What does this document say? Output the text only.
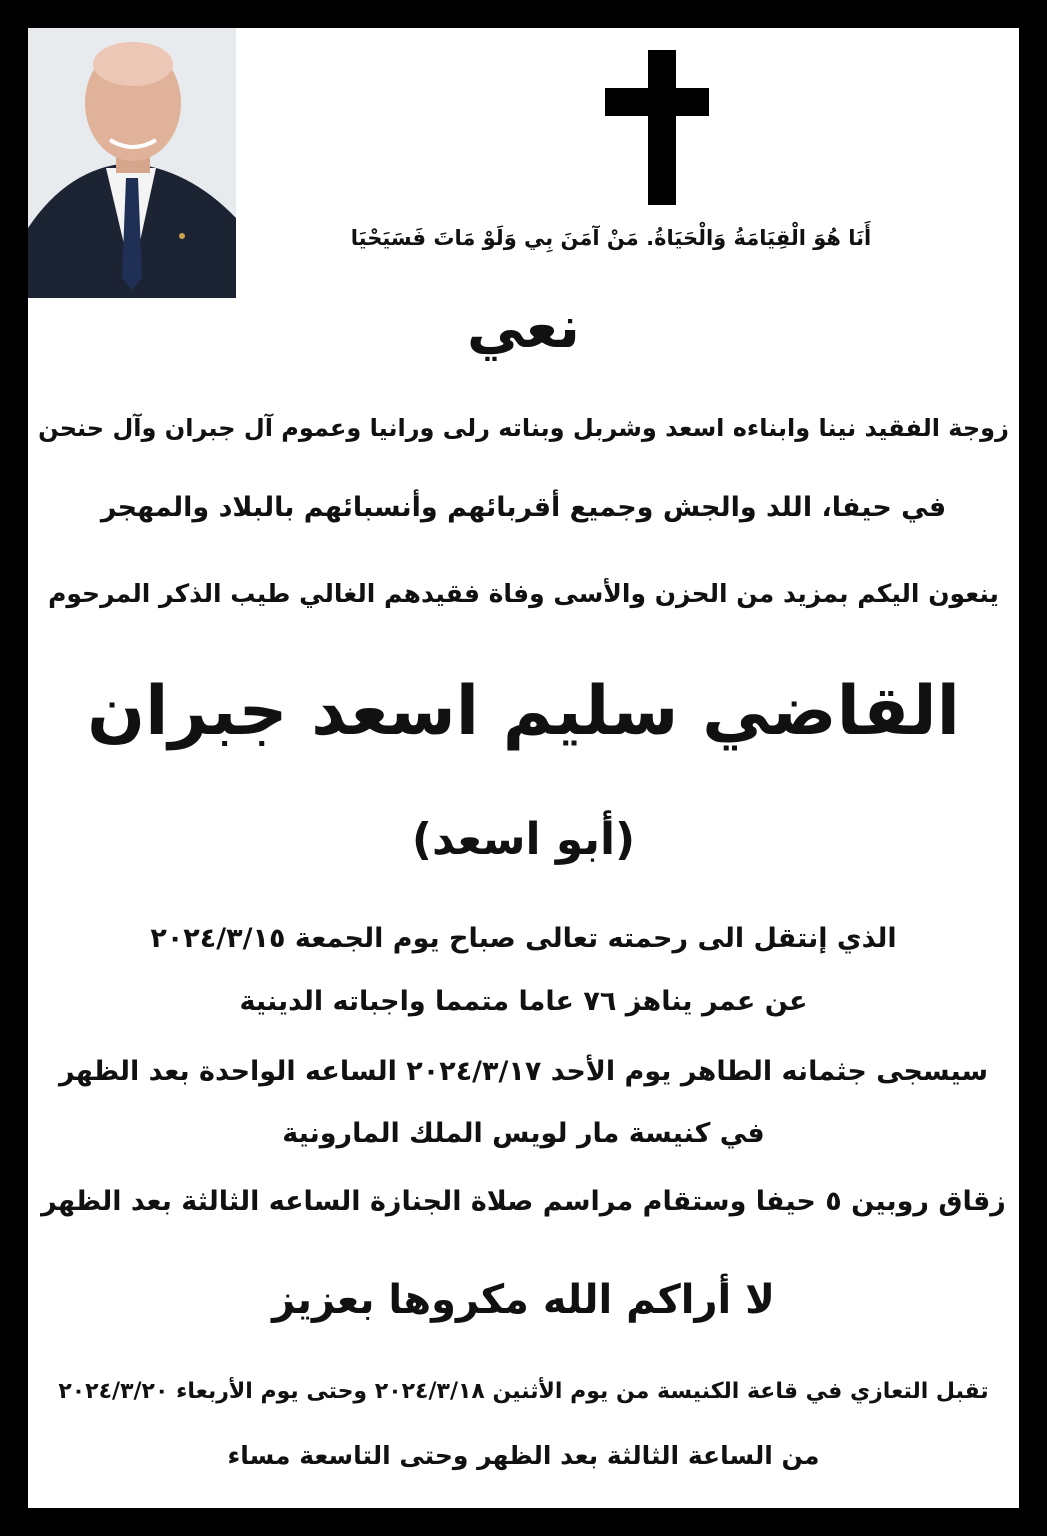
أَنَا هُوَ الْقِيَامَةُ وَالْحَيَاةُ. مَنْ آمَنَ بِي وَلَوْ مَاتَ فَسَيَحْيَا
نعي
زوجة الفقيد نينا وابناءه اسعد وشربل وبناته رلى ورانيا وعموم آل جبران وآل حنحن
في حيفا، اللد والجش وجميع أقربائهم وأنسبائهم بالبلاد والمهجر
ينعون اليكم بمزيد من الحزن والأسى وفاة فقيدهم الغالي طيب الذكر المرحوم
القاضي سليم اسعد جبران
(أبو اسعد)
الذي إنتقل الى رحمته تعالى صباح يوم الجمعة ٢٠٢٤/٣/١٥
عن عمر يناهز ٧٦ عاما متمما واجباته الدينية
سيسجى جثمانه الطاهر يوم الأحد ٢٠٢٤/٣/١٧ الساعه الواحدة بعد الظهر
في كنيسة مار لويس الملك المارونية
زقاق روبين ٥ حيفا وستقام مراسم صلاة الجنازة الساعه الثالثة بعد الظهر
لا أراكم الله مكروها بعزيز
تقبل التعازي في قاعة الكنيسة من يوم الأثنين ٢٠٢٤/٣/١٨ وحتى يوم الأربعاء ٢٠٢٤/٣/٢٠
من الساعة الثالثة بعد الظهر وحتى التاسعة مساء
